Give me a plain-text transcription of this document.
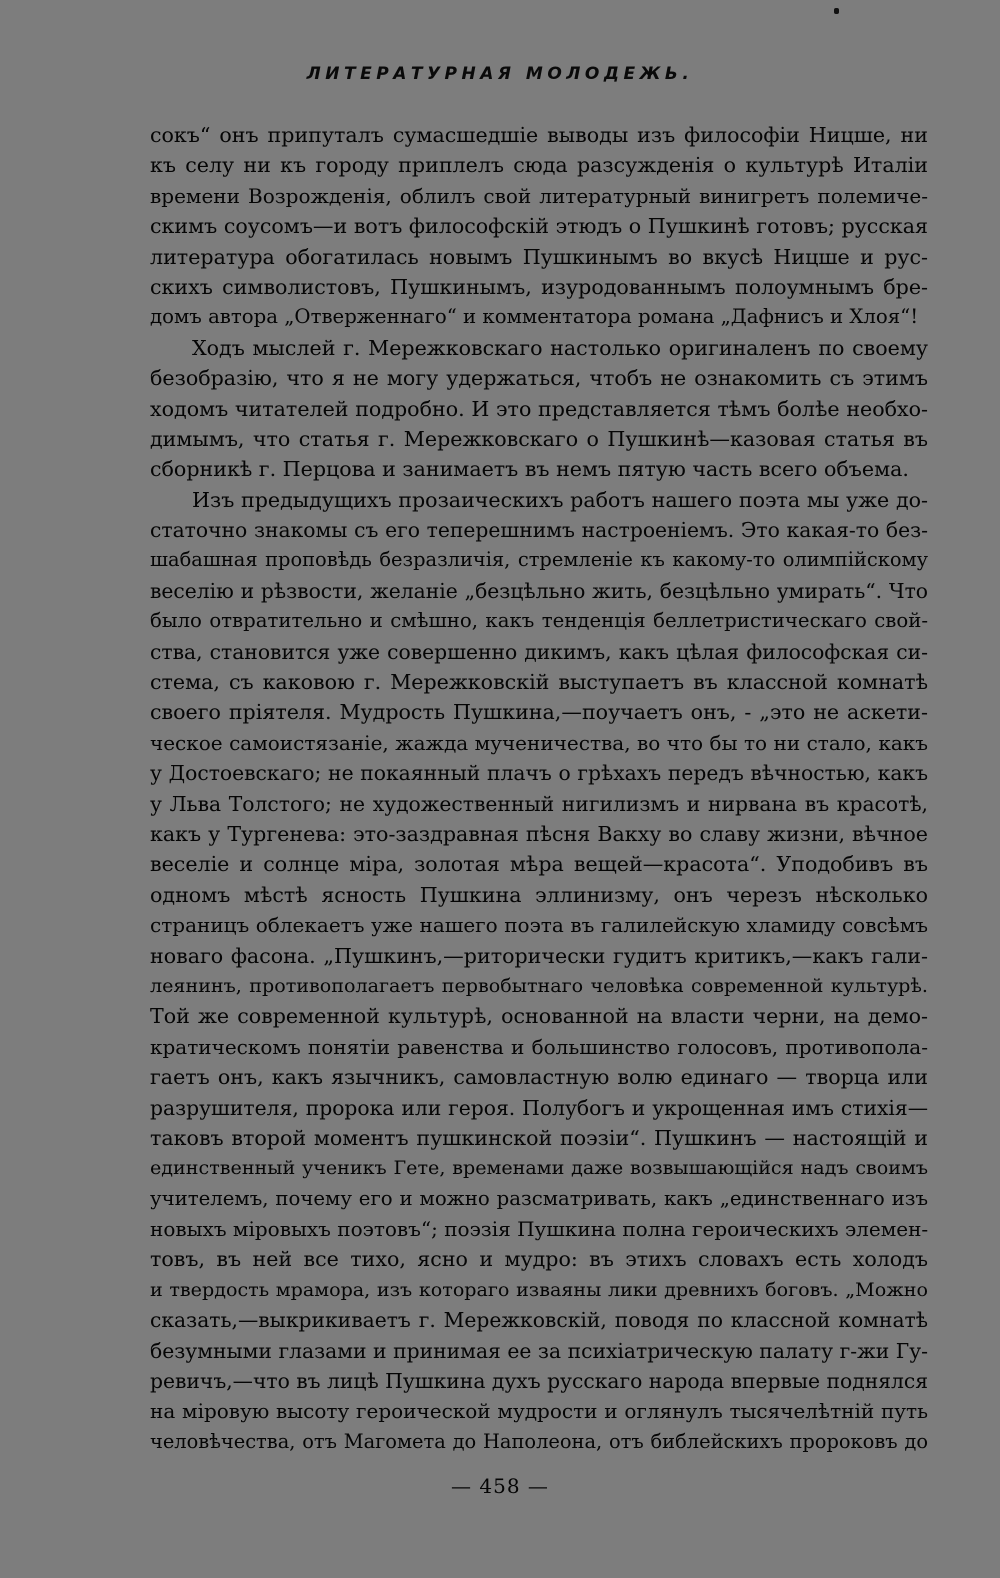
ЛИТЕРАТУРНАЯ МОЛОДЕЖЬ.
сокъ“ онъ припуталъ сумасшедшіе выводы изъ философіи Ницше, ни
къ селу ни къ городу приплелъ сюда разсужденія о культурѣ Италіи
времени Возрожденія, облилъ свой литературный винигретъ полемиче-
скимъ соусомъ—и вотъ философскій этюдъ о Пушкинѣ готовъ; русская
литература обогатилась новымъ Пушкинымъ во вкусѣ Ницше и рус-
скихъ символистовъ, Пушкинымъ, изуродованнымъ полоумнымъ бре-
домъ автора „Отверженнаго“ и комментатора романа „Дафнисъ и Хлоя“!
Ходъ мыслей г. Мережковскаго настолько оригиналенъ по своему
безобразію, что я не могу удержаться, чтобъ не ознакомить съ этимъ
ходомъ читателей подробно. И это представляется тѣмъ болѣе необхо-
димымъ, что статья г. Мережковскаго о Пушкинѣ—казовая статья въ
сборникѣ г. Перцова и занимаетъ въ немъ пятую часть всего объема.
Изъ предыдущихъ прозаическихъ работъ нашего поэта мы уже до-
статочно знакомы съ его теперешнимъ настроеніемъ. Это какая-то без-
шабашная проповѣдь безразличія, стремленіе къ какому-то олимпійскому
веселію и рѣзвости, желаніе „безцѣльно жить, безцѣльно умирать“. Что
было отвратительно и смѣшно, какъ тенденція беллетристическаго свой-
ства, становится уже совершенно дикимъ, какъ цѣлая философская си-
стема, съ каковою г. Мережковскій выступаетъ въ классной комнатѣ
своего пріятеля. Мудрость Пушкина,—поучаетъ онъ, - „это не аскети-
ческое самоистязаніе, жажда мученичества, во что бы то ни стало, какъ
у Достоевскаго; не покаянный плачъ о грѣхахъ передъ вѣчностью, какъ
у Льва Толстого; не художественный нигилизмъ и нирвана въ красотѣ,
какъ у Тургенева: это-заздравная пѣсня Вакху во славу жизни, вѣчное
веселіе и солнце міра, золотая мѣра вещей—красота“. Уподобивъ въ
одномъ мѣстѣ ясность Пушкина эллинизму, онъ черезъ нѣсколько
страницъ облекаетъ уже нашего поэта въ галилейскую хламиду совсѣмъ
новаго фасона. „Пушкинъ,—риторически гудитъ критикъ,—какъ гали-
леянинъ, противополагаетъ первобытнаго человѣка современной культурѣ.
Той же современной культурѣ, основанной на власти черни, на демо-
кратическомъ понятіи равенства и большинство голосовъ, противопола-
гаетъ онъ, какъ язычникъ, самовластную волю единаго — творца или
разрушителя, пророка или героя. Полубогъ и укрощенная имъ стихія—
таковъ второй моментъ пушкинской поэзіи“. Пушкинъ — настоящій и
единственный ученикъ Гете, временами даже возвышающійся надъ своимъ
учителемъ, почему его и можно разсматривать, какъ „единственнаго изъ
новыхъ міровыхъ поэтовъ“; поэзія Пушкина полна героическихъ элемен-
товъ, въ ней все тихо, ясно и мудро: въ этихъ словахъ есть холодъ
и твердость мрамора, изъ котораго изваяны лики древнихъ боговъ. „Можно
сказать,—выкрикиваетъ г. Мережковскій, поводя по классной комнатѣ
безумными глазами и принимая ее за психіатрическую палату г-жи Гу-
ревичъ,—что въ лицѣ Пушкина духъ русскаго народа впервые поднялся
на міровую высоту героической мудрости и оглянулъ тысячелѣтній путь
человѣчества, отъ Магомета до Наполеона, отъ библейскихъ пророковъ до
— 458 —
